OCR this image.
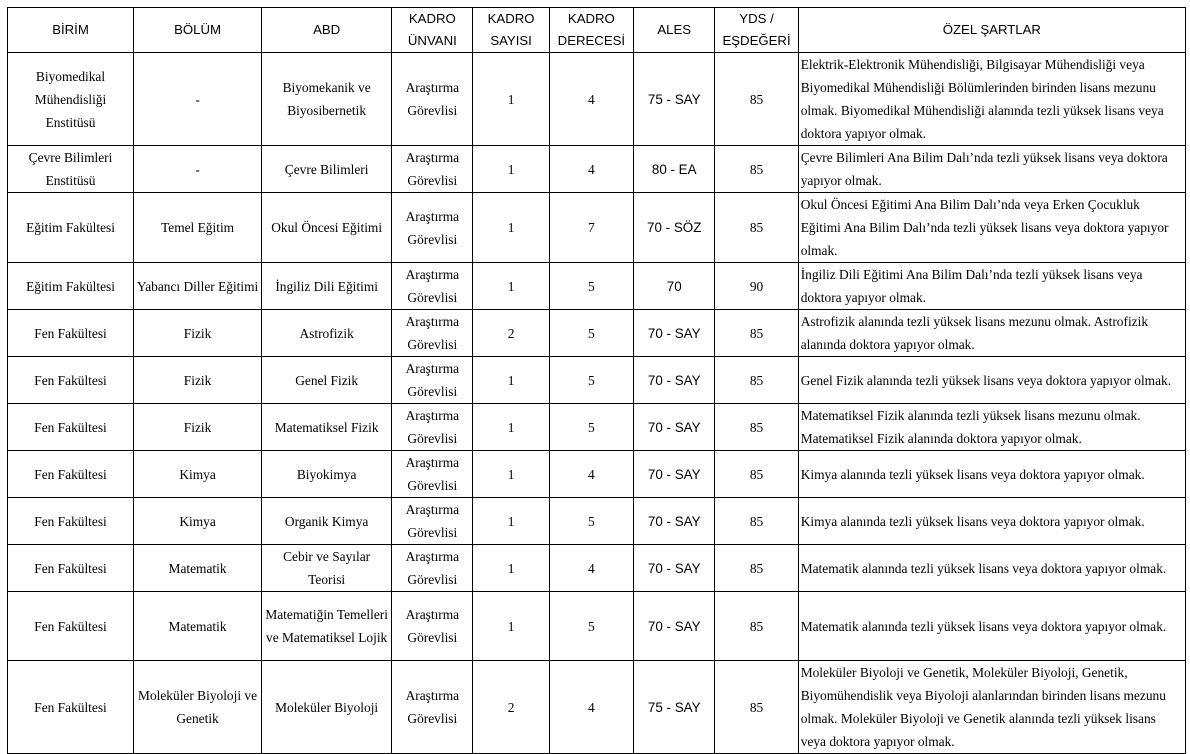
BİRİM	BÖLÜM	ABD	KADRO ÜNVANI	KADRO SAYISI	KADRO DERECESİ	ALES	YDS / EŞDEĞERİ	ÖZEL ŞARTLAR
Biyomedikal Mühendisliği Enstitüsü	-	Biyomekanik ve Biyosibernetik	Araştırma Görevlisi	1	4	75 - SAY	85	Elektrik-Elektronik Mühendisliği, Bilgisayar Mühendisliği veya Biyomedikal Mühendisliği Bölümlerinden birinden lisans mezunu olmak. Biyomedikal Mühendisliği alanında tezli yüksek lisans veya doktora yapıyor olmak.
Çevre Bilimleri Enstitüsü	-	Çevre Bilimleri	Araştırma Görevlisi	1	4	80 - EA	85	Çevre Bilimleri Ana Bilim Dalı’nda tezli yüksek lisans veya doktora yapıyor olmak.
Eğitim Fakültesi	Temel Eğitim	Okul Öncesi Eğitimi	Araştırma Görevlisi	1	7	70 - SÖZ	85	Okul Öncesi Eğitimi Ana Bilim Dalı’nda veya Erken Çocukluk Eğitimi Ana Bilim Dalı’nda tezli yüksek lisans veya doktora yapıyor olmak.
Eğitim Fakültesi	Yabancı Diller Eğitimi	İngiliz Dili Eğitimi	Araştırma Görevlisi	1	5	70	90	İngiliz Dili Eğitimi Ana Bilim Dalı’nda tezli yüksek lisans veya doktora yapıyor olmak.
Fen Fakültesi	Fizik	Astrofizik	Araştırma Görevlisi	2	5	70 - SAY	85	Astrofizik alanında tezli yüksek lisans mezunu olmak. Astrofizik alanında doktora yapıyor olmak.
Fen Fakültesi	Fizik	Genel Fizik	Araştırma Görevlisi	1	5	70 - SAY	85	Genel Fizik alanında tezli yüksek lisans veya doktora yapıyor olmak.
Fen Fakültesi	Fizik	Matematiksel Fizik	Araştırma Görevlisi	1	5	70 - SAY	85	Matematiksel Fizik alanında tezli yüksek lisans mezunu olmak. Matematiksel Fizik alanında doktora yapıyor olmak.
Fen Fakültesi	Kimya	Biyokimya	Araştırma Görevlisi	1	4	70 - SAY	85	Kimya alanında tezli yüksek lisans veya doktora yapıyor olmak.
Fen Fakültesi	Kimya	Organik Kimya	Araştırma Görevlisi	1	5	70 - SAY	85	Kimya alanında tezli yüksek lisans veya doktora yapıyor olmak.
Fen Fakültesi	Matematik	Cebir ve Sayılar Teorisi	Araştırma Görevlisi	1	4	70 - SAY	85	Matematik alanında tezli yüksek lisans veya doktora yapıyor olmak.
Fen Fakültesi	Matematik	Matematiğin Temelleri ve Matematiksel Lojik	Araştırma Görevlisi	1	5	70 - SAY	85	Matematik alanında tezli yüksek lisans veya doktora yapıyor olmak.
Fen Fakültesi	Moleküler Biyoloji ve Genetik	Moleküler Biyoloji	Araştırma Görevlisi	2	4	75 - SAY	85	Moleküler Biyoloji ve Genetik, Moleküler Biyoloji, Genetik, Biyomühendislik veya Biyoloji alanlarından birinden lisans mezunu olmak. Moleküler Biyoloji ve Genetik alanında tezli yüksek lisans veya doktora yapıyor olmak.
